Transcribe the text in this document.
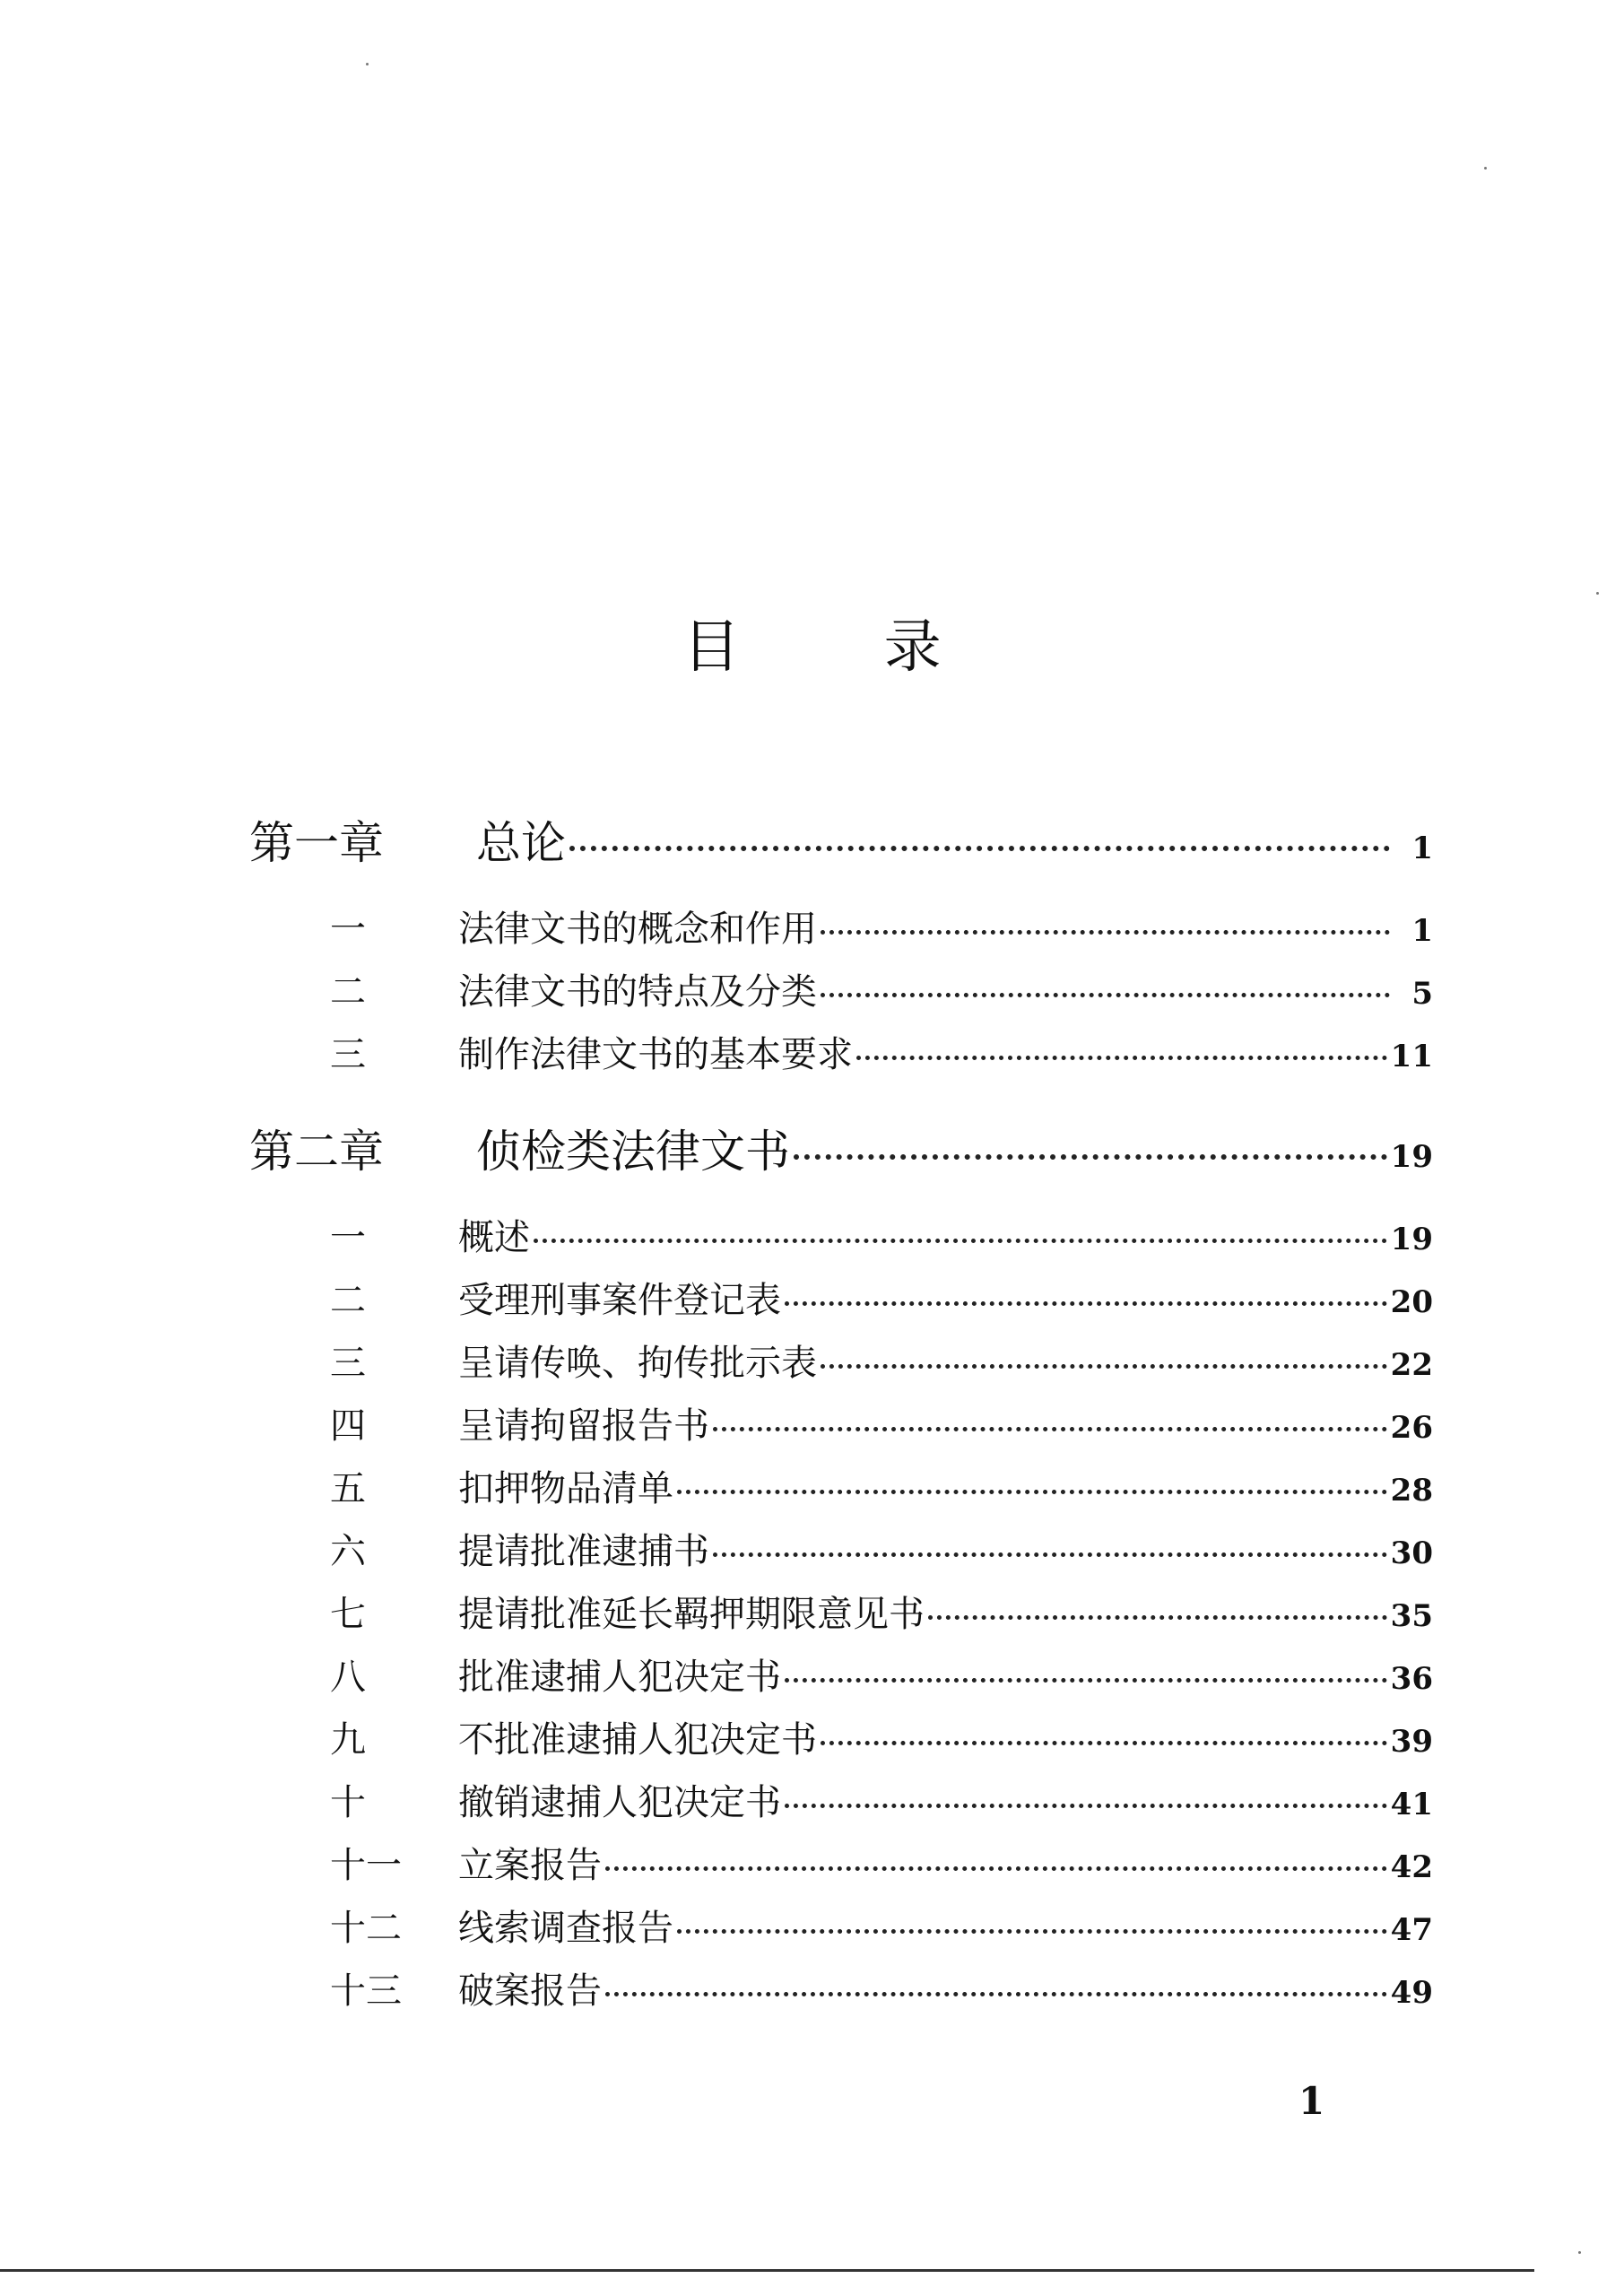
目 录
第一章	总论	1
一	法律文书的概念和作用	1
二	法律文书的特点及分类	5
三	制作法律文书的基本要求	11
第二章	侦检类法律文书	19
一	概述	19
二	受理刑事案件登记表	20
三	呈请传唤、拘传批示表	22
四	呈请拘留报告书	26
五	扣押物品清单	28
六	提请批准逮捕书	30
七	提请批准延长羁押期限意见书	35
八	批准逮捕人犯决定书	36
九	不批准逮捕人犯决定书	39
十	撤销逮捕人犯决定书	41
十一	立案报告	42
十二	线索调查报告	47
十三	破案报告	49
1
